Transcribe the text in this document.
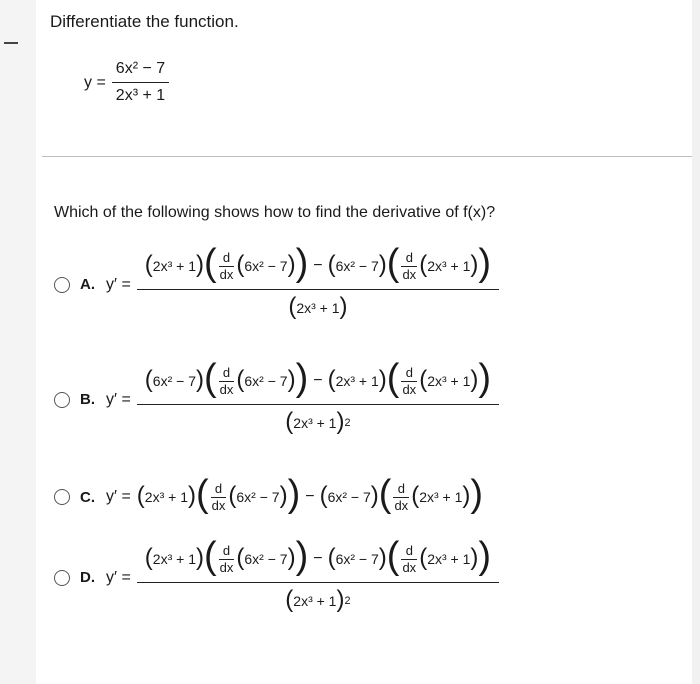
Differentiate the function.
$y = \frac{\text{6x² − 7}}{\text{2x³ + 1}}$
Which of the following shows how to find the derivative of f(x)?
A. y′ =
( 2x³ + 1 ) ( d
dx ( 6x² − 7 ) ) − ( 6x² − 7 ) ( d
dx ( 2x³ + 1 ) )
( 2x³ + 1 )
B. y′ =
( 6x² − 7 ) ( d
dx ( 6x² − 7 ) ) − ( 2x³ + 1 ) ( d
dx ( 2x³ + 1 ) )
( 2x³ + 1 ) 2
C. y′ = ( 2x³ + 1 ) ( d
dx ( 6x² − 7 ) ) − ( 6x² − 7 ) ( d
dx ( 2x³ + 1 ) )
D. y′ =
( 2x³ + 1 ) ( d
dx ( 6x² − 7 ) ) − ( 6x² − 7 ) ( d
dx ( 2x³ + 1 ) )
( 2x³ + 1 ) 2
